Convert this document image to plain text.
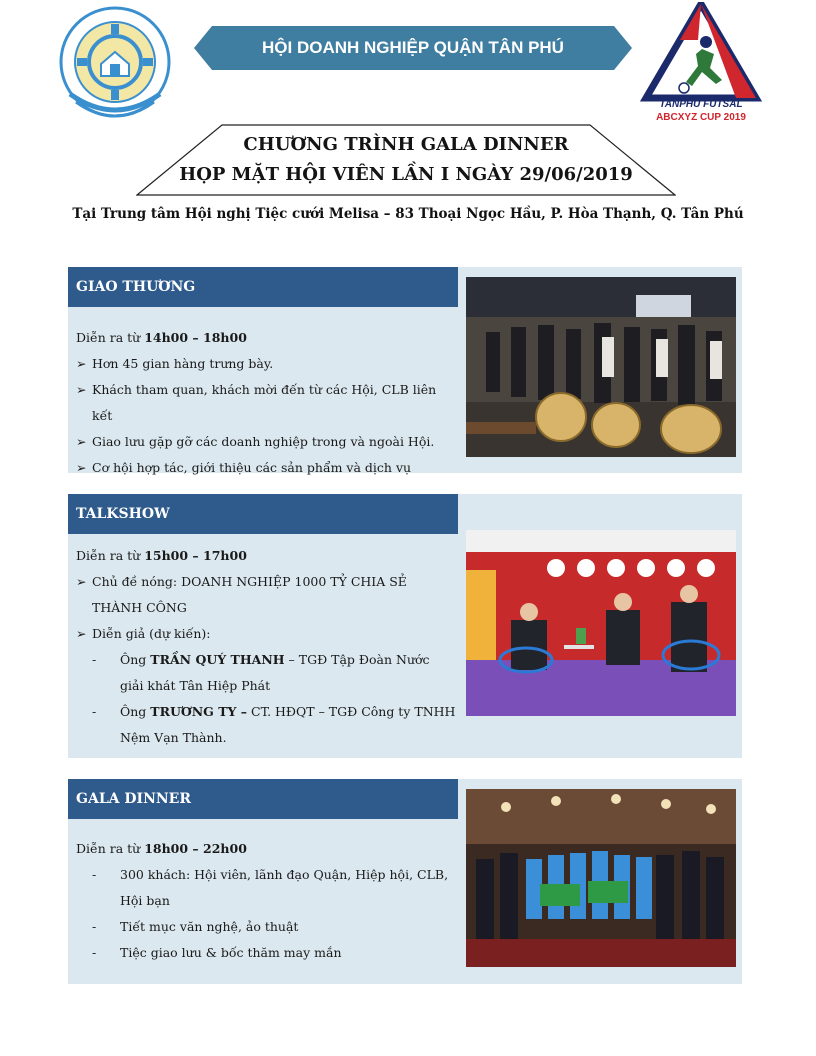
HỘI DOANH NGHIỆP QUẬN TÂN PHÚ
TANPHU FUTSAL
ABCXYZ CUP 2019
CHƯƠNG TRÌNH GALA DINNER
HỌP MẶT HỘI VIÊN LẦN I NGÀY 29/06/2019
Tại Trung tâm Hội nghị Tiệc cưới Melisa – 83 Thoại Ngọc Hầu, P. Hòa Thạnh, Q. Tân Phú
GIAO THƯƠNG
Diễn ra từ 14h00 – 18h00
➢ Hơn 45 gian hàng trưng bày.
➢ Khách tham quan, khách mời đến từ các Hội, CLB liên kết
➢ Giao lưu gặp gỡ các doanh nghiệp trong và ngoài Hội.
➢ Cơ hội hợp tác, giới thiệu các sản phẩm và dịch vụ
TALKSHOW
Diễn ra từ 15h00 – 17h00
➢ Chủ đề nóng: DOANH NGHIỆP 1000 TỶ CHIA SẺ THÀNH CÔNG
➢ Diễn giả (dự kiến):
- Ông TRẦN QUÝ THANH – TGĐ Tập Đoàn Nước giải khát Tân Hiệp Phát
- Ông TRƯƠNG TY – CT. HĐQT – TGĐ Công ty TNHH Nệm Vạn Thành.
GALA DINNER
Diễn ra từ 18h00 – 22h00
- 300 khách: Hội viên, lãnh đạo Quận, Hiệp hội, CLB, Hội bạn
- Tiết mục văn nghệ, ảo thuật
- Tiệc giao lưu & bốc thăm may mắn
